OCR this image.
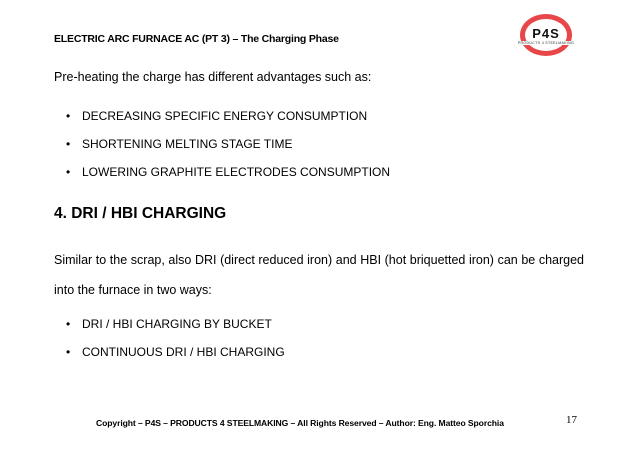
ELECTRIC ARC FURNACE AC (PT 3) – The Charging Phase	P4S
PRODUCTS 4 STEELMAKING
Pre-heating the charge has different advantages such as:
• DECREASING SPECIFIC ENERGY CONSUMPTION
• SHORTENING MELTING STAGE TIME
• LOWERING GRAPHITE ELECTRODES CONSUMPTION
4. DRI / HBI CHARGING
Similar to the scrap, also DRI (direct reduced iron) and HBI (hot briquetted iron) can be charged into the furnace in two ways:
• DRI / HBI CHARGING BY BUCKET
• CONTINUOUS DRI / HBI CHARGING
Copyright – P4S – PRODUCTS 4 STEELMAKING – All Rights Reserved – Author: Eng. Matteo Sporchia	17
